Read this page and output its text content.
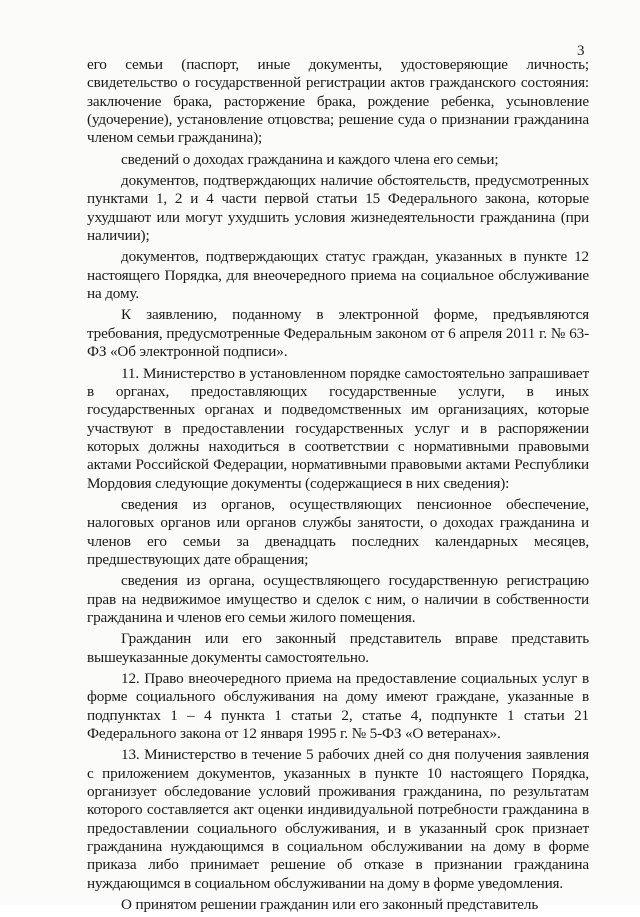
3

его семьи (паспорт, иные документы, удостоверяющие личность; свидетельство о государственной регистрации актов гражданского состояния: заключение брака, расторжение брака, рождение ребенка, усыновление (удочерение), установление отцовства; решение суда о признании гражданина членом семьи гражданина);

сведений о доходах гражданина и каждого члена его семьи;

документов, подтверждающих наличие обстоятельств, предусмотренных пунктами 1, 2 и 4 части первой статьи 15 Федерального закона, которые ухудшают или могут ухудшить условия жизнедеятельности гражданина (при наличии);

документов, подтверждающих статус граждан, указанных в пункте 12 настоящего Порядка, для внеочередного приема на социальное обслуживание на дому.

К заявлению, поданному в электронной форме, предъявляются требования, предусмотренные Федеральным законом от 6 апреля 2011 г. № 63-ФЗ «Об электронной подписи».

11. Министерство в установленном порядке самостоятельно запрашивает в органах, предоставляющих государственные услуги, в иных государственных органах и подведомственных им организациях, которые участвуют в предоставлении государственных услуг и в распоряжении которых должны находиться в соответствии с нормативными правовыми актами Российской Федерации, нормативными правовыми актами Республики Мордовия следующие документы (содержащиеся в них сведения):

сведения из органов, осуществляющих пенсионное обеспечение, налоговых органов или органов службы занятости, о доходах гражданина и членов его семьи за двенадцать последних календарных месяцев, предшествующих дате обращения;

сведения из органа, осуществляющего государственную регистрацию прав на недвижимое имущество и сделок с ним, о наличии в собственности гражданина и членов его семьи жилого помещения.

Гражданин или его законный представитель вправе представить вышеуказанные документы самостоятельно.

12. Право внеочередного приема на предоставление социальных услуг в форме социального обслуживания на дому имеют граждане, указанные в подпунктах 1 – 4 пункта 1 статьи 2, статье 4, подпункте 1 статьи 21 Федерального закона от 12 января 1995 г. № 5-ФЗ «О ветеранах».

13. Министерство в течение 5 рабочих дней со дня получения заявления с приложением документов, указанных в пункте 10 настоящего Порядка, организует обследование условий проживания гражданина, по результатам которого составляется акт оценки индивидуальной потребности гражданина в предоставлении социального обслуживания, и в указанный срок признает гражданина нуждающимся в социальном обслуживании на дому в форме приказа либо принимает решение об отказе в признании гражданина нуждающимся в социальном обслуживании на дому в форме уведомления.

О принятом решении гражданин или его законный представитель
